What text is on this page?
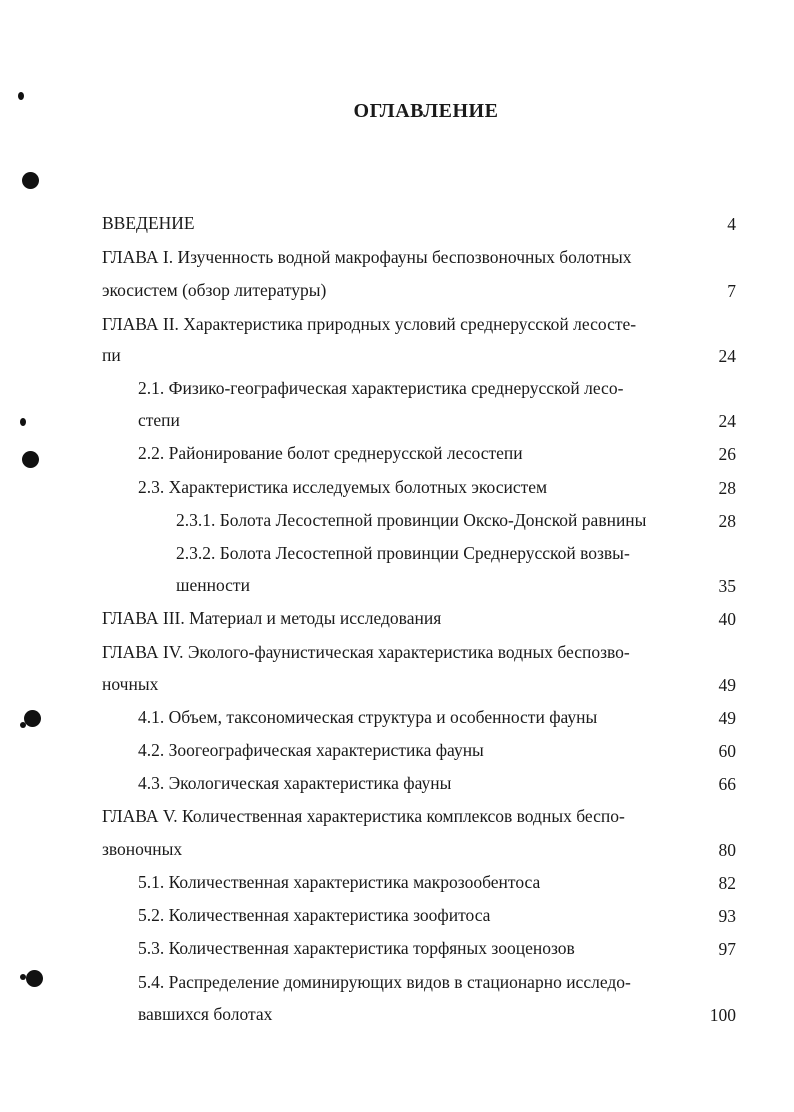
ОГЛАВЛЕНИЕ
ВВЕДЕНИЕ	4
ГЛАВА I. Изученность водной макрофауны беспозвоночных болотных
экосистем (обзор литературы)	7
ГЛАВА II. Характеристика природных условий среднерусской лесосте-
пи	24
2.1. Физико-географическая характеристика среднерусской лесо-
степи	24
2.2. Районирование болот среднерусской лесостепи	26
2.3. Характеристика исследуемых болотных экосистем	28
2.3.1. Болота Лесостепной провинции Окско-Донской равнины	28
2.3.2. Болота Лесостепной провинции Среднерусской возвы-
шенности	35
ГЛАВА III. Материал и методы исследования	40
ГЛАВА IV. Эколого-фаунистическая характеристика водных беспозво-
ночных	49
4.1. Объем, таксономическая структура и особенности фауны	49
4.2. Зоогеографическая характеристика фауны	60
4.3. Экологическая характеристика фауны	66
ГЛАВА V. Количественная характеристика комплексов водных беспо-
звоночных	80
5.1. Количественная характеристика макрозообентоса	82
5.2. Количественная характеристика зоофитоса	93
5.3. Количественная характеристика торфяных зооценозов	97
5.4. Распределение доминирующих видов в стационарно исследо-
вавшихся болотах	100
